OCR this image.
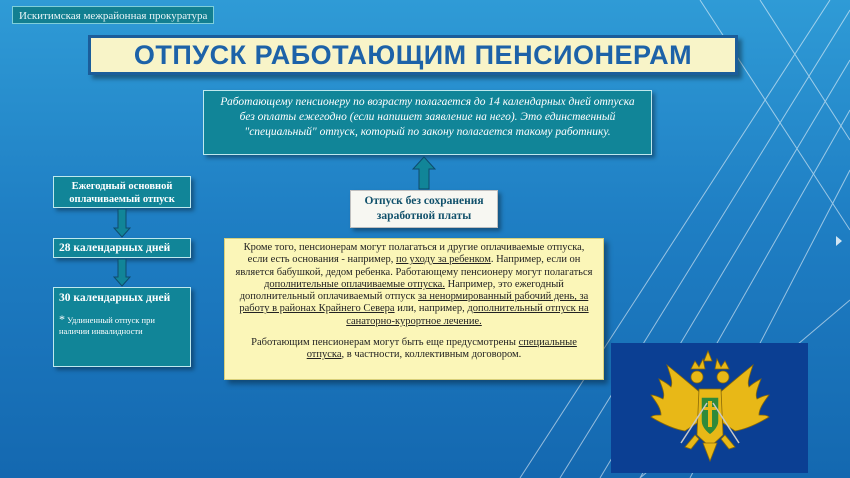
Искитимская межрайонная прокуратура
ОТПУСК РАБОТАЮЩИМ ПЕНСИОНЕРАМ
Работающему пенсионеру по возрасту полагается до 14 календарных дней отпуска без оплаты ежегодно (если напишет заявление на него). Это единственный "специальный" отпуск, который по закону полагается такому работнику.
Отпуск без сохранения заработной платы
Ежегодный основной оплачиваемый отпуск
28 календарных дней
30 календарных дней
* Удлиненный отпуск при наличии инвалидности

Кроме того, пенсионерам могут полагаться и другие оплачиваемые отпуска, если есть основания - например, по уходу за ребенком. Например, если он является бабушкой, дедом ребенка. Работающему пенсионеру могут полагаться дополнительные оплачиваемые отпуска. Например, это ежегодный дополнительный оплачиваемый отпуск за ненормированный рабочий день, за работу в районах Крайнего Севера или, например, дополнительный отпуск на санаторно-курортное лечение.

Работающим пенсионерам могут быть еще предусмотрены специальные отпуска, в частности, коллективным договором.
